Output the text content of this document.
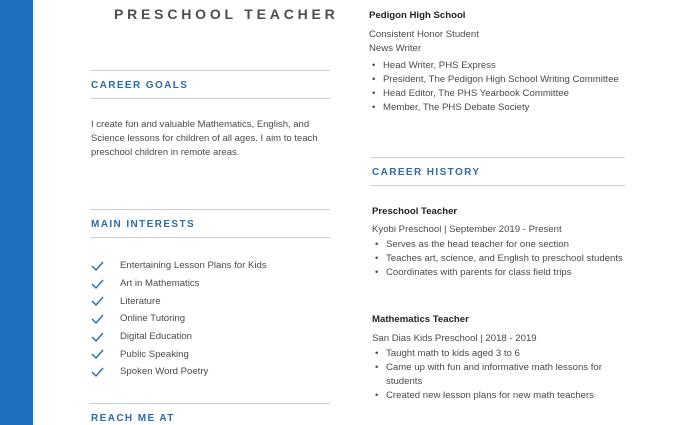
PRESCHOOL TEACHER
CAREER GOALS
I create fun and valuable Mathematics, English, and Science lessons for children of all ages. I aim to teach preschool children in remote areas.
MAIN INTERESTS
Entertaining Lesson Plans for Kids
Art in Mathematics
Literature
Online Tutoring
Digital Education
Public Speaking
Spoken Word Poetry
REACH ME AT
Pedigon High School
Consistent Honor Student
News Writer
• Head Writer, PHS Express
• President, The Pedigon High School Writing Committee
• Head Editor, The PHS Yearbook Committee
• Member, The PHS Debate Society
CAREER HISTORY
Preschool Teacher
Kyobi Preschool | September 2019 - Present
• Serves as the head teacher for one section
• Teaches art, science, and English to preschool students
• Coordinates with parents for class field trips
Mathematics Teacher
San Dias Kids Preschool | 2018 - 2019
• Taught math to kids aged 3 to 6
• Came up with fun and informative math lessons for students
• Created new lesson plans for new math teachers
